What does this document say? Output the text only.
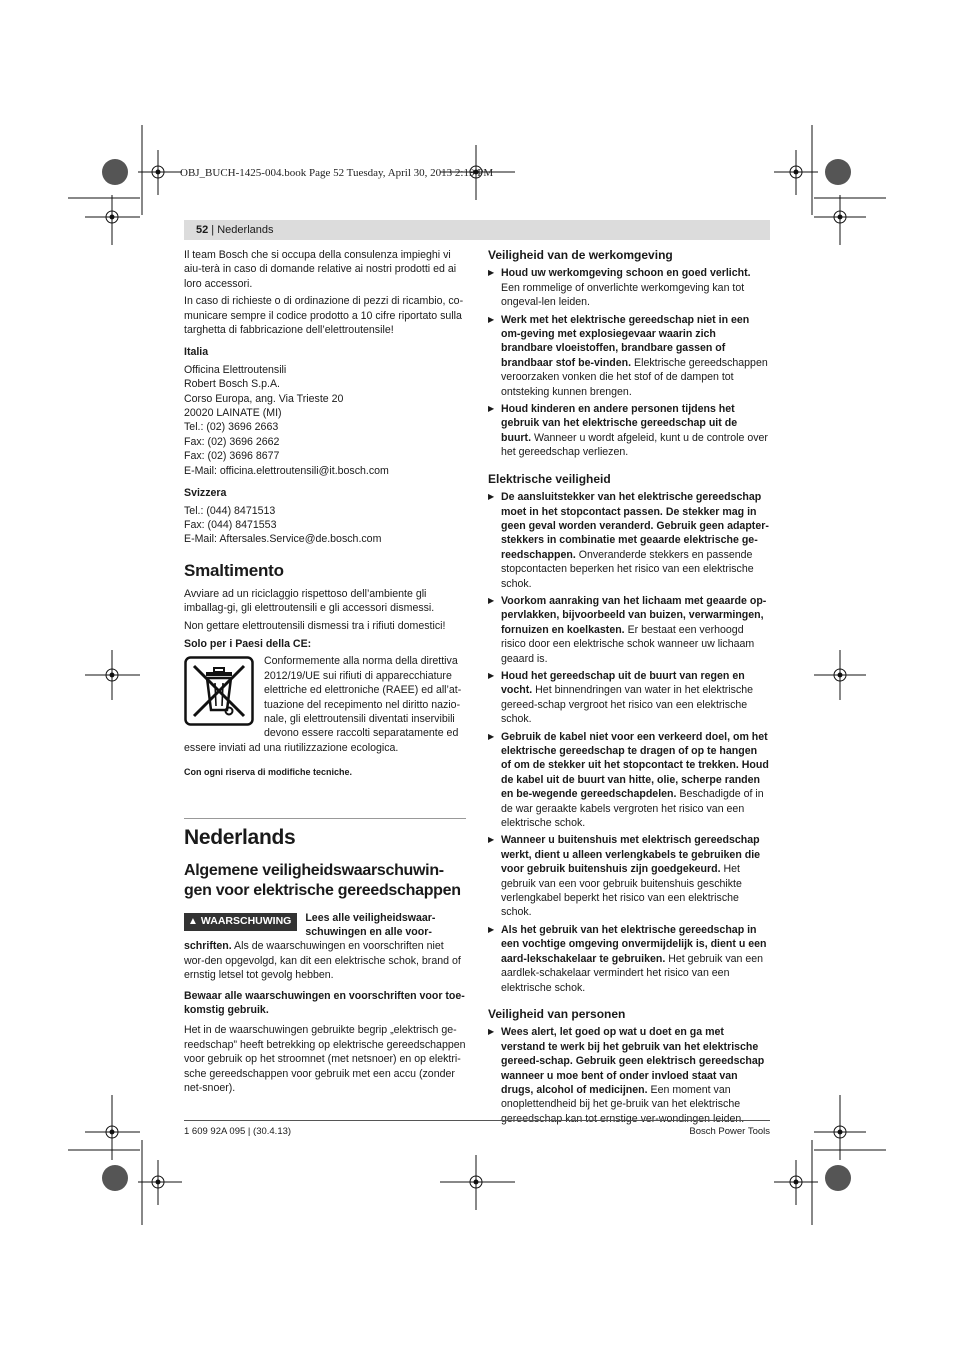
OBJ_BUCH-1425-004.book Page 52 Tuesday, April 30, 2013 2:19 PM
52 | Nederlands

Il team Bosch che si occupa della consulenza impieghi vi aiu-terà in caso di domande relative ai nostri prodotti ed ai loro accessori.

In caso di richieste o di ordinazione di pezzi di ricambio, co-municare sempre il codice prodotto a 10 cifre riportato sulla targhetta di fabbricazione dell’elettroutensile!

Italia

Officina Elettroutensili
Robert Bosch S.p.A.
Corso Europa, ang. Via Trieste 20
20020 LAINATE (MI)
Tel.: (02) 3696 2663
Fax: (02) 3696 2662
Fax: (02) 3696 8677
E-Mail: officina.elettroutensili@it.bosch.com

Svizzera

Tel.: (044) 8471513
Fax: (044) 8471553
E-Mail: Aftersales.Service@de.bosch.com
Smaltimento

Avviare ad un riciclaggio rispettoso dell’ambiente gli imballag-gi, gli elettroutensili e gli accessori dismessi.

Non gettare elettroutensili dismessi tra i rifiuti domestici!

Solo per i Paesi della CE:

Conformemente alla norma della direttiva 2012/19/UE sui rifiuti di apparecchiature elettriche ed elettroniche (RAEE) ed all’at-tuazione del recepimento nel diritto nazio-nale, gli elettroutensili diventati inservibili devono essere raccolti separatamente ed essere inviati ad una riutilizzazione ecologica.

Con ogni riserva di modifiche tecniche.

Nederlands
Algemene veiligheidswaarschuwin-gen voor elektrische gereedschappen

▲ WAARSCHUWING	Lees alle veiligheidswaar-schuwingen en alle voor-schriften. Als de waarschuwingen en voorschriften niet wor-den opgevolgd, kan dit een elektrische schok, brand of ernstig letsel tot gevolg hebben.

Bewaar alle waarschuwingen en voorschriften voor toe-komstig gebruik.

Het in de waarschuwingen gebruikte begrip „elektrisch ge-reedschap” heeft betrekking op elektrische gereedschappen voor gebruik op het stroomnet (met netsnoer) en op elektri-sche gereedschappen voor gebruik met een accu (zonder net-snoer).

Veiligheid van de werkomgeving
▶ Houd uw werkomgeving schoon en goed verlicht. Een rommelige of onverlichte werkomgeving kan tot ongeval-len leiden.
▶ Werk met het elektrische gereedschap niet in een om-geving met explosiegevaar waarin zich brandbare vloeistoffen, brandbare gassen of brandbaar stof be-vinden. Elektrische gereedschappen veroorzaken vonken die het stof of de dampen tot ontsteking kunnen brengen.
▶ Houd kinderen en andere personen tijdens het gebruik van het elektrische gereedschap uit de buurt. Wanneer u wordt afgeleid, kunt u de controle over het gereedschap verliezen.
Elektrische veiligheid
▶ De aansluitstekker van het elektrische gereedschap moet in het stopcontact passen. De stekker mag in geen geval worden veranderd. Gebruik geen adapter-stekkers in combinatie met geaarde elektrische ge-reedschappen. Onveranderde stekkers en passende stopcontacten beperken het risico van een elektrische schok.
▶ Voorkom aanraking van het lichaam met geaarde op-pervlakken, bijvoorbeeld van buizen, verwarmingen, fornuizen en koelkasten. Er bestaat een verhoogd risico door een elektrische schok wanneer uw lichaam geaard is.
▶ Houd het gereedschap uit de buurt van regen en vocht. Het binnendringen van water in het elektrische gereed-schap vergroot het risico van een elektrische schok.
▶ Gebruik de kabel niet voor een verkeerd doel, om het elektrische gereedschap te dragen of op te hangen of om de stekker uit het stopcontact te trekken. Houd de kabel uit de buurt van hitte, olie, scherpe randen en be-wegende gereedschapdelen. Beschadigde of in de war geraakte kabels vergroten het risico van een elektrische schok.
▶ Wanneer u buitenshuis met elektrisch gereedschap werkt, dient u alleen verlengkabels te gebruiken die voor gebruik buitenshuis zijn goedgekeurd. Het gebruik van een voor gebruik buitenshuis geschikte verlengkabel beperkt het risico van een elektrische schok.
▶ Als het gebruik van het elektrische gereedschap in een vochtige omgeving onvermijdelijk is, dient u een aard-lekschakelaar te gebruiken. Het gebruik van een aardlek-schakelaar vermindert het risico van een elektrische schok.
Veiligheid van personen
▶ Wees alert, let goed op wat u doet en ga met verstand te werk bij het gebruik van het elektrische gereed-schap. Gebruik geen elektrisch gereedschap wanneer u moe bent of onder invloed staat van drugs, alcohol of medicijnen. Een moment van onoplettendheid bij het ge-bruik van het elektrische gereedschap kan tot ernstige ver-wondingen leiden.
1 609 92A 095 | (30.4.13)	Bosch Power Tools
